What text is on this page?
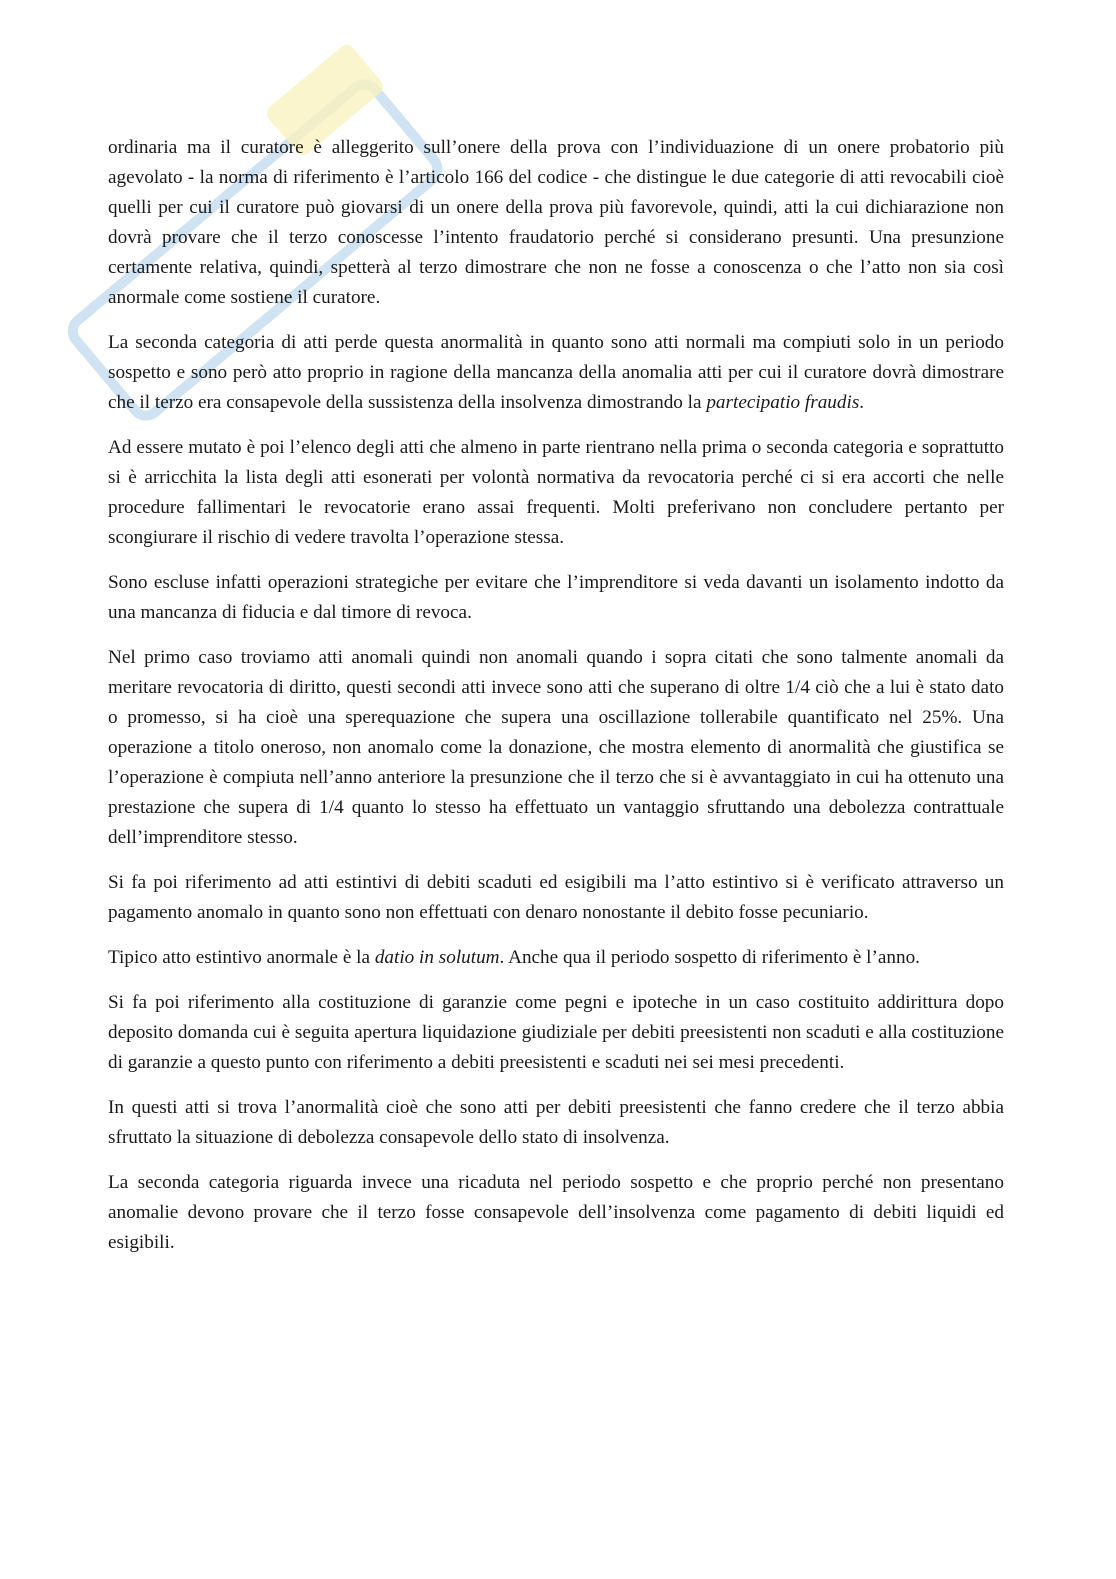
ordinaria ma il curatore è alleggerito sull’onere della prova con l’individuazione di un onere probatorio più agevolato - la norma di riferimento è l’articolo 166 del codice - che distingue le due categorie di atti revocabili cioè quelli per cui il curatore può giovarsi di un onere della prova più favorevole, quindi, atti la cui dichiarazione non dovrà provare che il terzo conoscesse l’intento fraudatorio perché si considerano presunti. Una presunzione certamente relativa, quindi, spetterà al terzo dimostrare che non ne fosse a conoscenza o che l’atto non sia così anormale come sostiene il curatore.

La seconda categoria di atti perde questa anormalità in quanto sono atti normali ma compiuti solo in un periodo sospetto e sono però atto proprio in ragione della mancanza della anomalia atti per cui il curatore dovrà dimostrare che il terzo era consapevole della sussistenza della insolvenza dimostrando la partecipatio fraudis.

Ad essere mutato è poi l’elenco degli atti che almeno in parte rientrano nella prima o seconda categoria e soprattutto si è arricchita la lista degli atti esonerati per volontà normativa da revocatoria perché ci si era accorti che nelle procedure fallimentari le revocatorie erano assai frequenti. Molti preferivano non concludere pertanto per scongiurare il rischio di vedere travolta l’operazione stessa.

Sono escluse infatti operazioni strategiche per evitare che l’imprenditore si veda davanti un isolamento indotto da una mancanza di fiducia e dal timore di revoca.

Nel primo caso troviamo atti anomali quindi non anomali quando i sopra citati che sono talmente anomali da meritare revocatoria di diritto, questi secondi atti invece sono atti che superano di oltre 1/4 ciò che a lui è stato dato o promesso, si ha cioè una sperequazione che supera una oscillazione tollerabile quantificato nel 25%. Una operazione a titolo oneroso, non anomalo come la donazione, che mostra elemento di anormalità che giustifica se l’operazione è compiuta nell’anno anteriore la presunzione che il terzo che si è avvantaggiato in cui ha ottenuto una prestazione che supera di 1/4 quanto lo stesso ha effettuato un vantaggio sfruttando una debolezza contrattuale dell’imprenditore stesso.

Si fa poi riferimento ad atti estintivi di debiti scaduti ed esigibili ma l’atto estintivo si è verificato attraverso un pagamento anomalo in quanto sono non effettuati con denaro nonostante il debito fosse pecuniario.

Tipico atto estintivo anormale è la datio in solutum. Anche qua il periodo sospetto di riferimento è l’anno.

Si fa poi riferimento alla costituzione di garanzie come pegni e ipoteche in un caso costituito addirittura dopo deposito domanda cui è seguita apertura liquidazione giudiziale per debiti preesistenti non scaduti e alla costituzione di garanzie a questo punto con riferimento a debiti preesistenti e scaduti nei sei mesi precedenti.

In questi atti si trova l’anormalità cioè che sono atti per debiti preesistenti che fanno credere che il terzo abbia sfruttato la situazione di debolezza consapevole dello stato di insolvenza.

La seconda categoria riguarda invece una ricaduta nel periodo sospetto e che proprio perché non presentano anomalie devono provare che il terzo fosse consapevole dell’insolvenza come pagamento di debiti liquidi ed esigibili.
